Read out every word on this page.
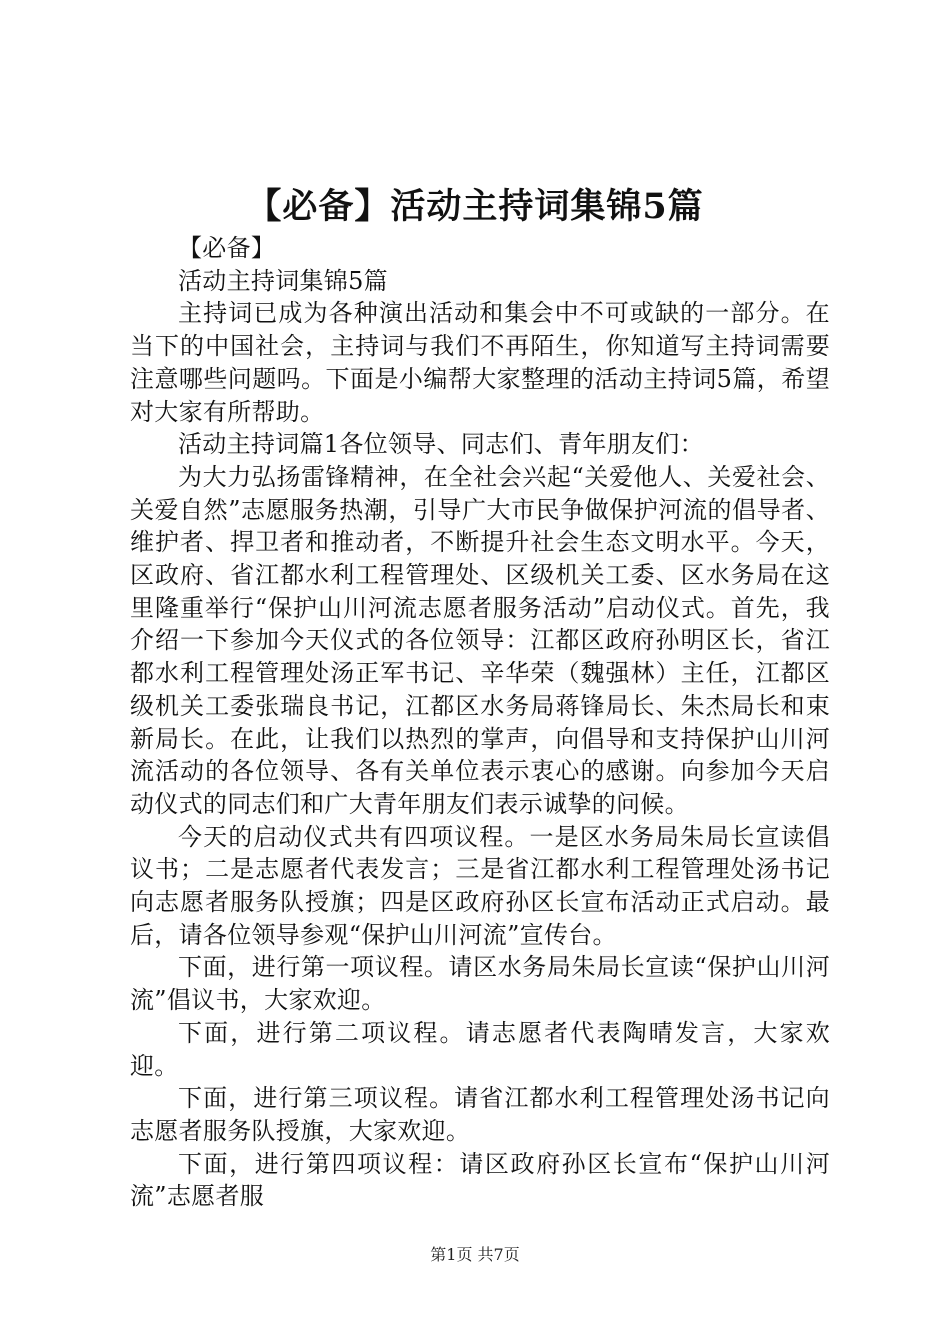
【必备】活动主持词集锦5篇

【必备】

活动主持词集锦5篇

主持词已成为各种演出活动和集会中不可或缺的一部分。在当下的中国社会，主持词与我们不再陌生，你知道写主持词需要注意哪些问题吗。下面是小编帮大家整理的活动主持词5篇，希望对大家有所帮助。

活动主持词篇1各位领导、同志们、青年朋友们：

为大力弘扬雷锋精神，在全社会兴起“关爱他人、关爱社会、关爱自然”志愿服务热潮，引导广大市民争做保护河流的倡导者、维护者、捍卫者和推动者，不断提升社会生态文明水平。今天，区政府、省江都水利工程管理处、区级机关工委、区水务局在这里隆重举行“保护山川河流志愿者服务活动”启动仪式。首先，我介绍一下参加今天仪式的各位领导：江都区政府孙明区长，省江都水利工程管理处汤正军书记、辛华荣（魏强林）主任，江都区级机关工委张瑞良书记，江都区水务局蒋锋局长、朱杰局长和束新局长。在此，让我们以热烈的掌声，向倡导和支持保护山川河流活动的各位领导、各有关单位表示衷心的感谢。向参加今天启动仪式的同志们和广大青年朋友们表示诚挚的问候。

今天的启动仪式共有四项议程。一是区水务局朱局长宣读倡议书；二是志愿者代表发言；三是省江都水利工程管理处汤书记向志愿者服务队授旗；四是区政府孙区长宣布活动正式启动。最后，请各位领导参观“保护山川河流”宣传台。

下面，进行第一项议程。请区水务局朱局长宣读“保护山川河流”倡议书，大家欢迎。

下面，进行第二项议程。请志愿者代表陶晴发言，大家欢迎。

下面，进行第三项议程。请省江都水利工程管理处汤书记向志愿者服务队授旗，大家欢迎。

下面，进行第四项议程：请区政府孙区长宣布“保护山川河流”志愿者服

第1页 共7页
